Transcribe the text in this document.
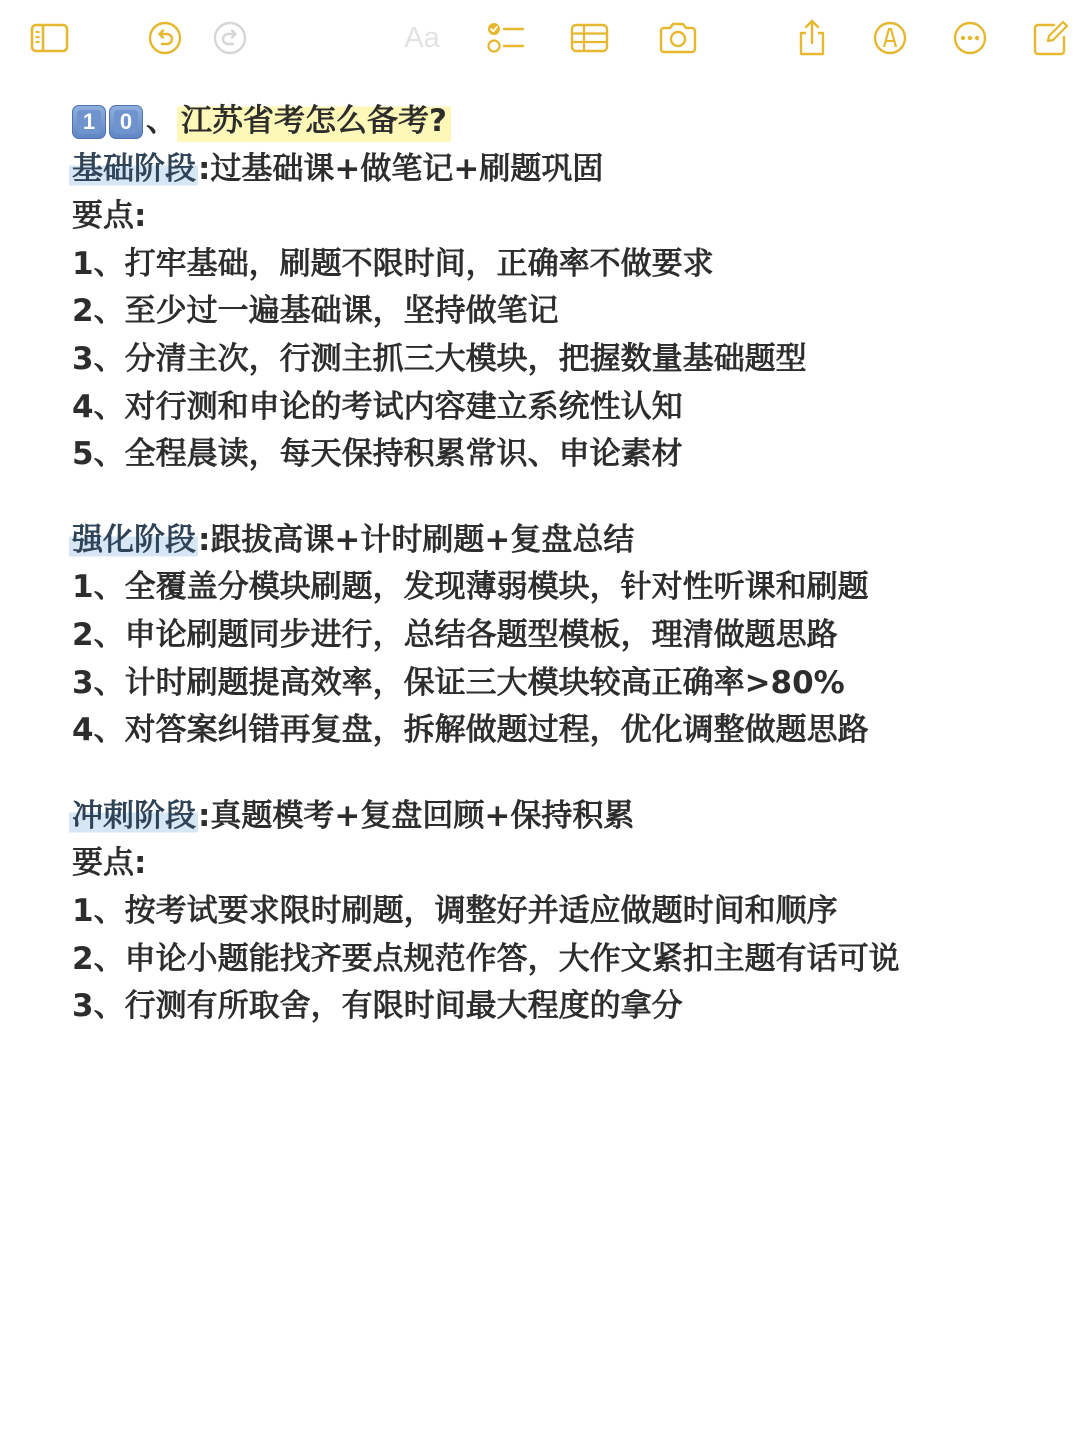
Aa
1 0 、 江苏省考怎么备考?
基础阶段:过基础课+做笔记+刷题巩固
要点:
1、打牢基础，刷题不限时间，正确率不做要求
2、至少过一遍基础课，坚持做笔记
3、分清主次，行测主抓三大模块，把握数量基础题型
4、对行测和申论的考试内容建立系统性认知
5、全程晨读，每天保持积累常识、申论素材
强化阶段:跟拔高课+计时刷题+复盘总结
1、全覆盖分模块刷题，发现薄弱模块，针对性听课和刷题
2、申论刷题同步进行，总结各题型模板，理清做题思路
3、计时刷题提高效率，保证三大模块较高正确率>80%
4、对答案纠错再复盘，拆解做题过程，优化调整做题思路
冲刺阶段:真题模考+复盘回顾+保持积累
要点:
1、按考试要求限时刷题，调整好并适应做题时间和顺序
2、申论小题能找齐要点规范作答，大作文紧扣主题有话可说
3、行测有所取舍，有限时间最大程度的拿分
